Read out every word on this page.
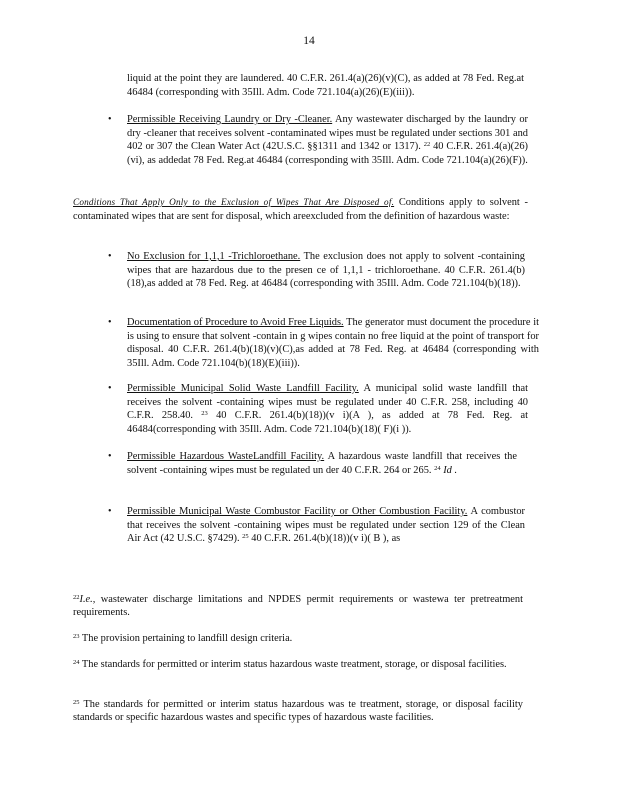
14
liquid at the point they are laundered. 40 C.F.R. 261.4(a)(26)(v)(C), as added at 78 Fed. Reg.at 46484 (corresponding with 35Ill. Adm. Code 721.104(a)(26)(E)(iii)).
• Permissible Receiving Laundry or Dry -Cleaner. Any wastewater discharged by the laundry or dry -cleaner that receives solvent -contaminated wipes must be regulated under sections 301 and 402 or 307 the Clean Water Act (42U.S.C. §§1311 and 1342 or 1317). $^{22}$ 40 C.F.R. 261.4(a)(26)(vi), as addedat 78 Fed. Reg.at 46484 (corresponding with 35Ill. Adm. Code 721.104(a)(26)(F)).
Conditions That Apply Only to the Exclusion of Wipes That Are Disposed of. Conditions apply to solvent -contaminated wipes that are sent for disposal, which areexcluded from the definition of hazardous waste:
• No Exclusion for 1,1,1 -Trichloroethane. The exclusion does not apply to solvent -containing wipes that are hazardous due to the presen ce of 1,1,1 - trichloroethane. 40 C.F.R. 261.4(b)(18),as added at 78 Fed. Reg. at 46484 (corresponding with 35Ill. Adm. Code 721.104(b)(18)).
• Documentation of Procedure to Avoid Free Liquids. The generator must document the procedure it is using to ensure that solvent -contain in g wipes contain no free liquid at the point of transport for disposal. 40 C.F.R. 261.4(b)(18)(v)(C),as added at 78 Fed. Reg. at 46484 (corresponding with 35Ill. Adm. Code 721.104(b)(18)(E)(iii)).
• Permissible Municipal Solid Waste Landfill Facility. A municipal solid waste landfill that receives the solvent -containing wipes must be regulated under 40 C.F.R. 258, including 40 C.F.R. 258.40. $^{23}$ 40 C.F.R. 261.4(b)(18))(v i)(A ), as added at 78 Fed. Reg. at 46484(corresponding with 35Ill. Adm. Code 721.104(b)(18)( F)(i )).
• Permissible Hazardous WasteLandfill Facility. A hazardous waste landfill that receives the solvent -containing wipes must be regulated un der 40 C.F.R. 264 or 265. $^{24}$ Id .
• Permissible Municipal Waste Combustor Facility or Other Combustion Facility. A combustor that receives the solvent -containing wipes must be regulated under section 129 of the Clean Air Act (42 U.S.C. §7429). $^{25}$ 40 C.F.R. 261.4(b)(18))(v i)( B ), as
$^{22}$I.e., wastewater discharge limitations and NPDES permit requirements or wastewa ter pretreatment requirements.
$^{23}$ The provision pertaining to landfill design criteria.
$^{24}$ The standards for permitted or interim status hazardous waste treatment, storage, or disposal facilities.
$^{25}$ The standards for permitted or interim status hazardous was te treatment, storage, or disposal facility standards or specific hazardous wastes and specific types of hazardous waste facilities.
